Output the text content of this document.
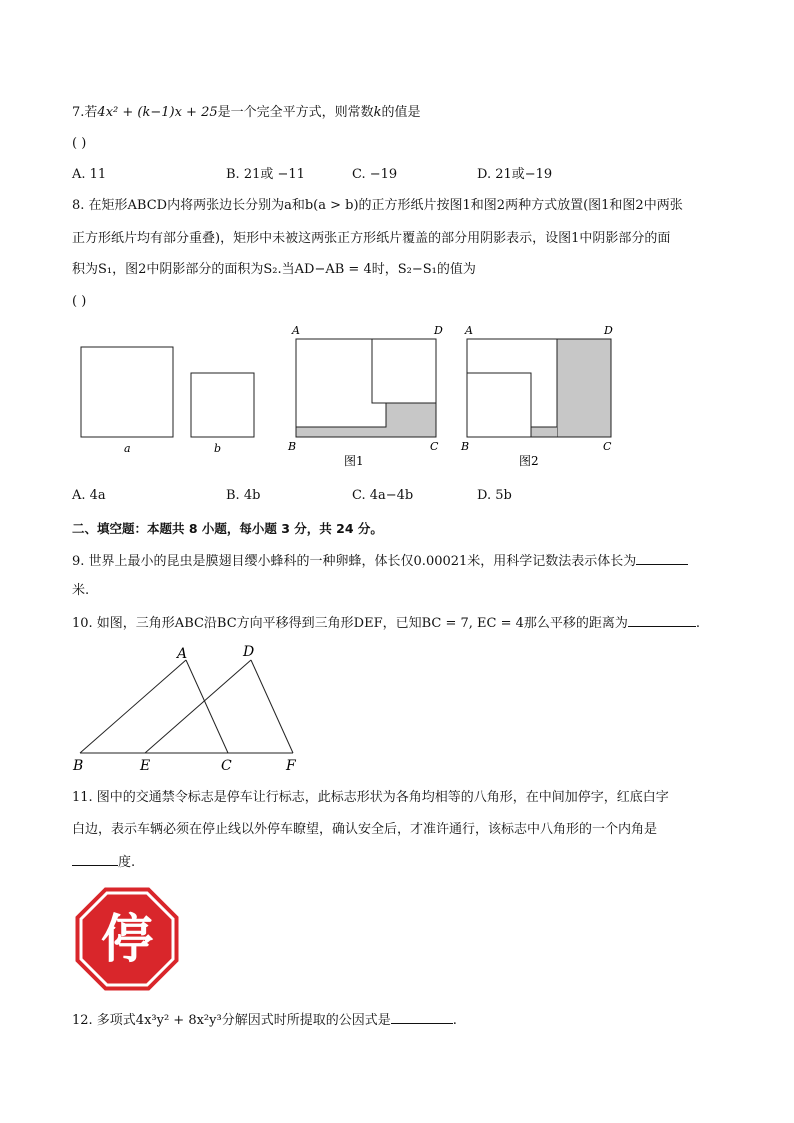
7.若4x² + (k−1)x + 25是一个完全平方式，则常数k的值是
( )
A. 11	B. 21或 −11	C. −19	D. 21或−19
8. 在矩形ABCD内将两张边长分别为a和b(a > b)的正方形纸片按图1和图2两种方式放置(图1和图2中两张
正方形纸片均有部分重叠)，矩形中未被这两张正方形纸片覆盖的部分用阴影表示，设图1中阴影部分的面
积为S₁，图2中阴影部分的面积为S₂.当AD−AB = 4时，S₂−S₁的值为
( )
a	b
A	D
B	C
图1
A	D
B	C
图2
A. 4a	B. 4b	C. 4a−4b	D. 5b
二、填空题：本题共 8 小题，每小题 3 分，共 24 分。
9. 世界上最小的昆虫是膜翅目缨小蜂科的一种卵蜂，体长仅0.00021米，用科学记数法表示体长为
米.
10. 如图，三角形ABC沿BC方向平移得到三角形DEF，已知BC = 7, EC = 4那么平移的距离为	.
A	D
B	E	C	F
11. 图中的交通禁令标志是停车让行标志，此标志形状为各角均相等的八角形，在中间加停字，红底白字
白边，表示车辆必须在停止线以外停车瞭望，确认安全后，才准许通行，该标志中八角形的一个内角是
度.
停
12. 多项式4x³y² + 8x²y³分解因式时所提取的公因式是	.
